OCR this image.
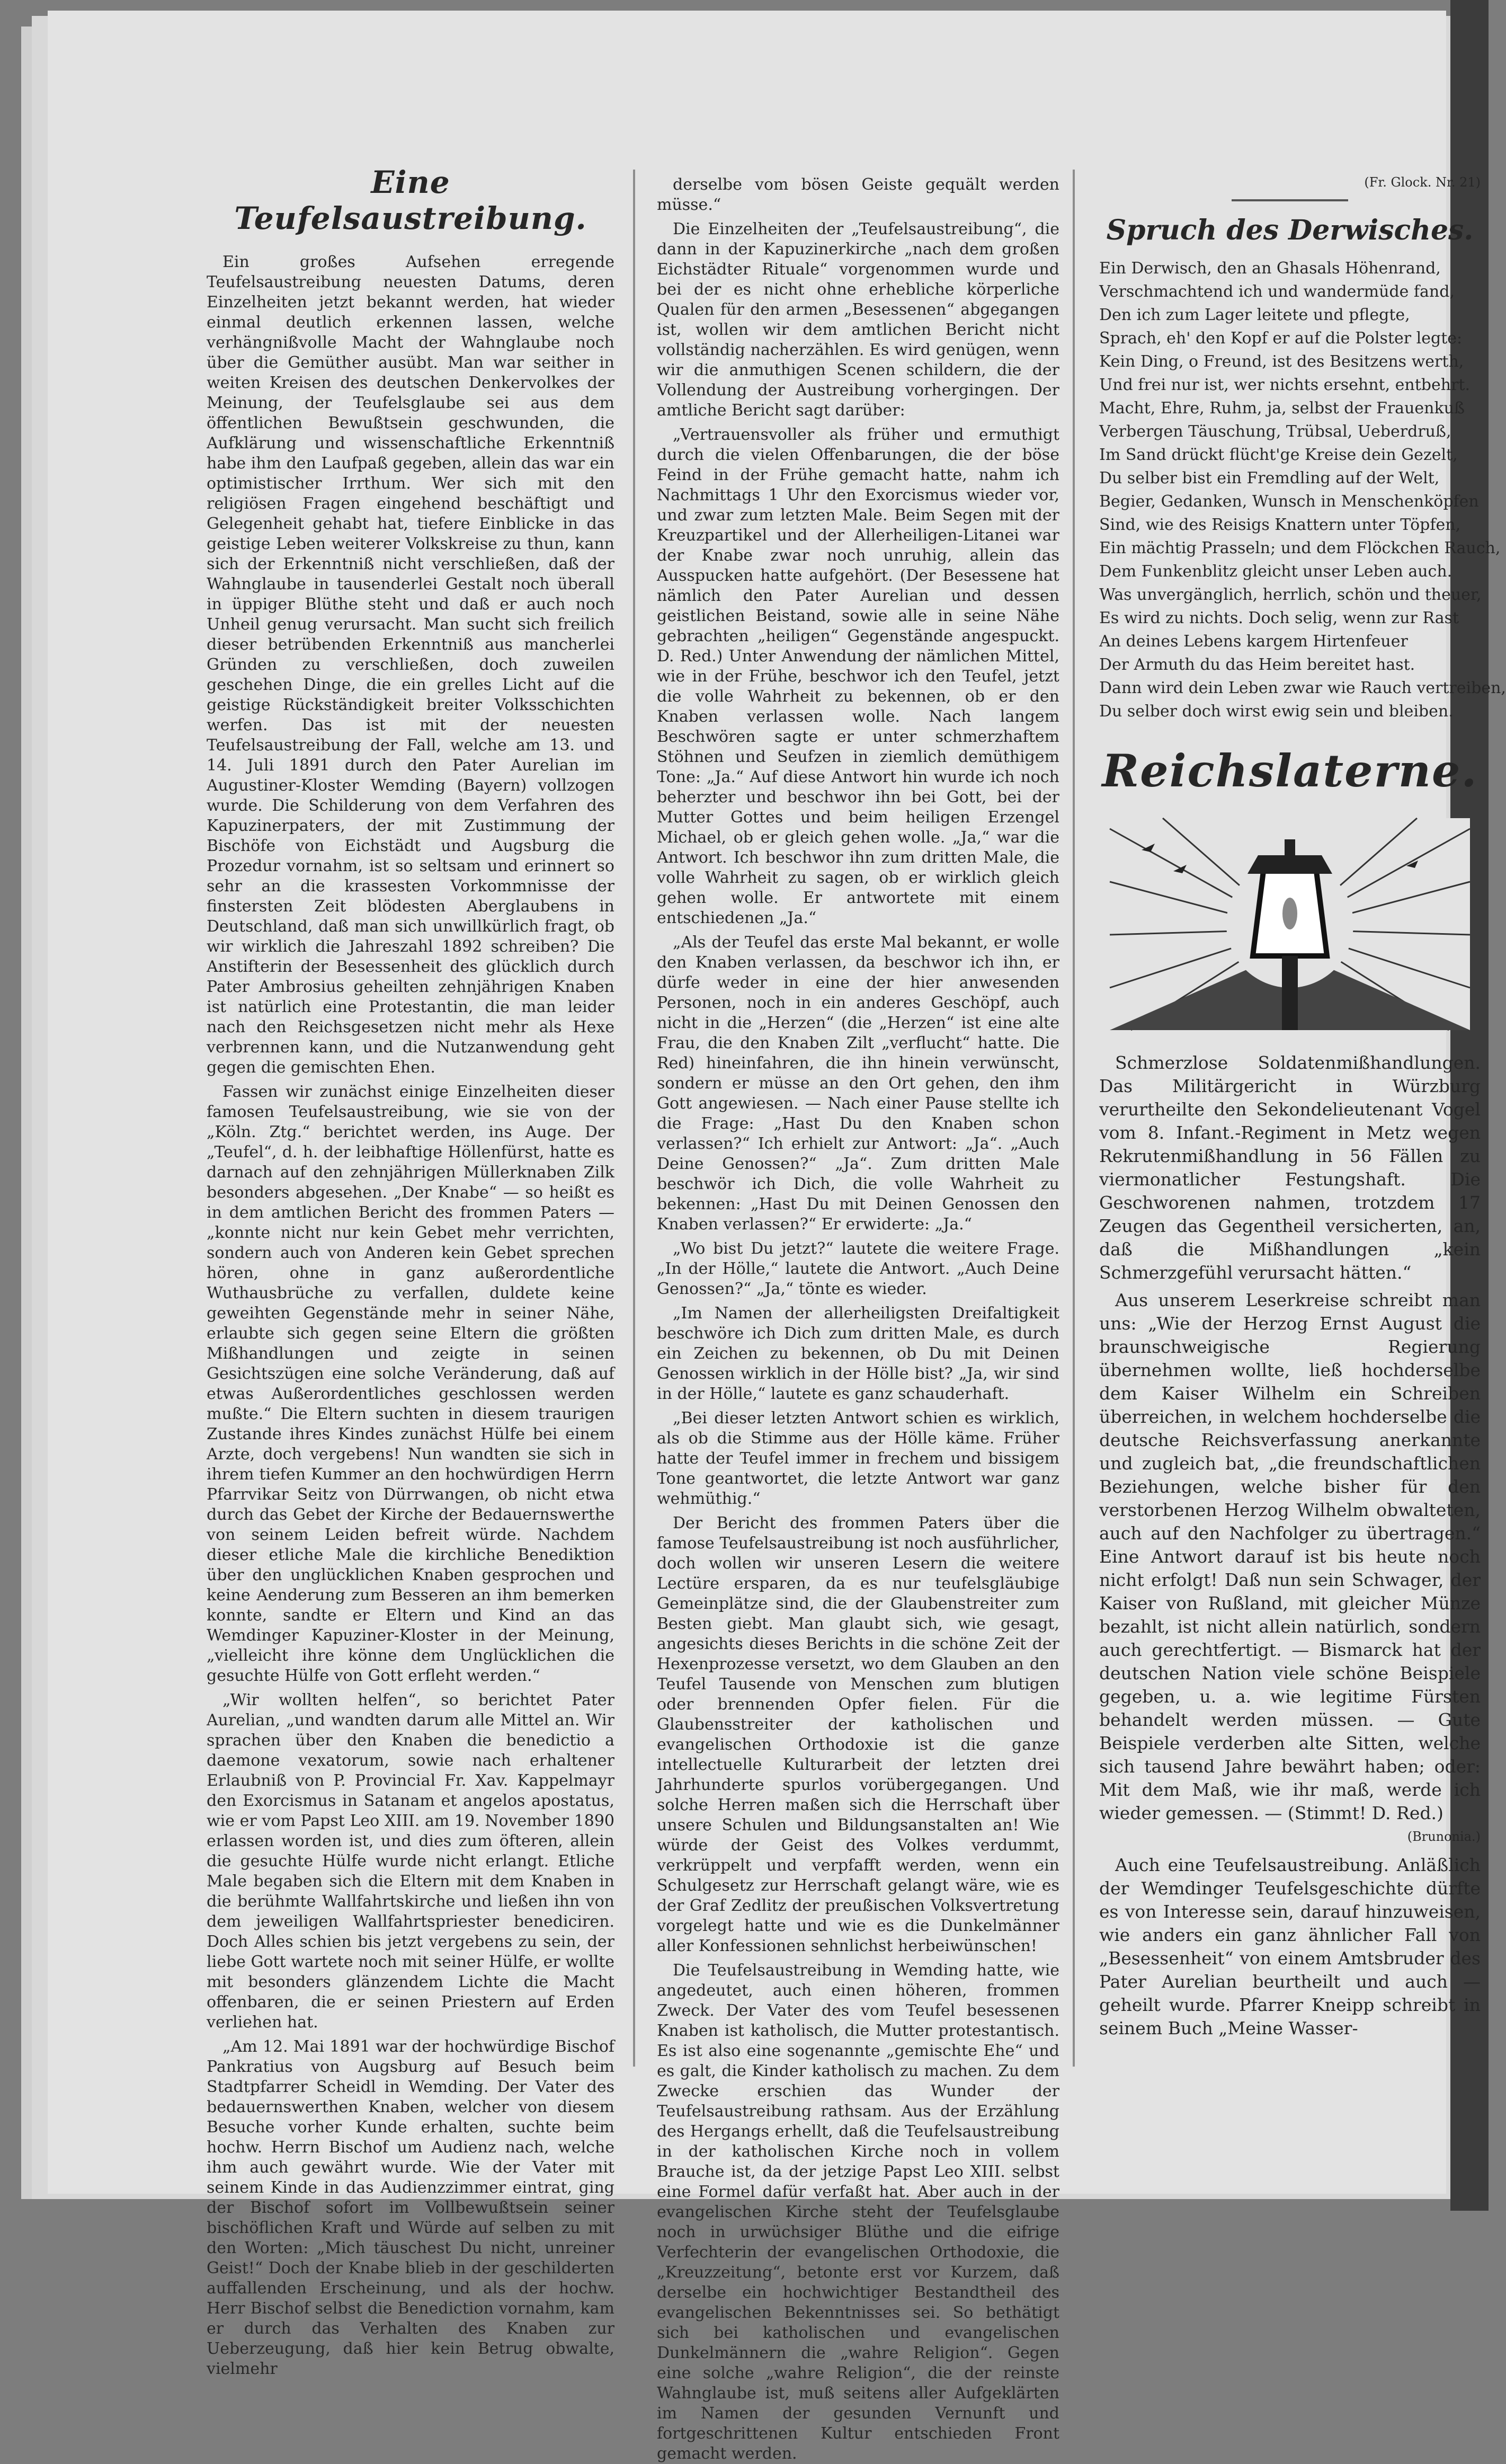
Eine Teufelsaustreibung.

Ein großes Aufsehen erregende Teufelsaustreibung neuesten Datums, deren Einzelheiten jetzt bekannt werden, hat wieder einmal deutlich erkennen lassen, welche verhängnißvolle Macht der Wahnglaube noch über die Gemüther ausübt. Man war seither in weiten Kreisen des deutschen Denkervolkes der Meinung, der Teufelsglaube sei aus dem öffentlichen Bewußtsein geschwunden, die Aufklärung und wissenschaftliche Erkenntniß habe ihm den Laufpaß gegeben, allein das war ein optimistischer Irrthum. Wer sich mit den religiösen Fragen eingehend beschäftigt und Gelegenheit gehabt hat, tiefere Einblicke in das geistige Leben weiterer Volkskreise zu thun, kann sich der Erkenntniß nicht verschließen, daß der Wahnglaube in tausenderlei Gestalt noch überall in üppiger Blüthe steht und daß er auch noch Unheil genug verursacht. Man sucht sich freilich dieser betrübenden Erkenntniß aus mancherlei Gründen zu verschließen, doch zuweilen geschehen Dinge, die ein grelles Licht auf die geistige Rückständigkeit breiter Volksschichten werfen. Das ist mit der neuesten Teufelsaustreibung der Fall, welche am 13. und 14. Juli 1891 durch den Pater Aurelian im Augustiner-Kloster Wemding (Bayern) vollzogen wurde. Die Schilderung von dem Verfahren des Kapuzinerpaters, der mit Zustimmung der Bischöfe von Eichstädt und Augsburg die Prozedur vornahm, ist so seltsam und erinnert so sehr an die krassesten Vorkommnisse der finstersten Zeit blödesten Aberglaubens in Deutschland, daß man sich unwillkürlich fragt, ob wir wirklich die Jahreszahl 1892 schreiben? Die Anstifterin der Besessenheit des glücklich durch Pater Ambrosius geheilten zehnjährigen Knaben ist natürlich eine Protestantin, die man leider nach den Reichsgesetzen nicht mehr als Hexe verbrennen kann, und die Nutzanwendung geht gegen die gemischten Ehen.

Fassen wir zunächst einige Einzelheiten dieser famosen Teufelsaustreibung, wie sie von der „Köln. Ztg.“ berichtet werden, ins Auge. Der „Teufel“, d. h. der leibhaftige Höllenfürst, hatte es darnach auf den zehnjährigen Müllerknaben Zilk besonders abgesehen. „Der Knabe“ — so heißt es in dem amtlichen Bericht des frommen Paters — „konnte nicht nur kein Gebet mehr verrichten, sondern auch von Anderen kein Gebet sprechen hören, ohne in ganz außerordentliche Wuthausbrüche zu verfallen, duldete keine geweihten Gegenstände mehr in seiner Nähe, erlaubte sich gegen seine Eltern die größten Mißhandlungen und zeigte in seinen Gesichtszügen eine solche Veränderung, daß auf etwas Außerordentliches geschlossen werden mußte.“ Die Eltern suchten in diesem traurigen Zustande ihres Kindes zunächst Hülfe bei einem Arzte, doch vergebens! Nun wandten sie sich in ihrem tiefen Kummer an den hochwürdigen Herrn Pfarrvikar Seitz von Dürrwangen, ob nicht etwa durch das Gebet der Kirche der Bedauernswerthe von seinem Leiden befreit würde. Nachdem dieser etliche Male die kirchliche Benediktion über den unglücklichen Knaben gesprochen und keine Aenderung zum Besseren an ihm bemerken konnte, sandte er Eltern und Kind an das Wemdinger Kapuziner-Kloster in der Meinung, „vielleicht ihre könne dem Unglücklichen die gesuchte Hülfe von Gott erfleht werden.“

„Wir wollten helfen“, so berichtet Pater Aurelian, „und wandten darum alle Mittel an. Wir sprachen über den Knaben die benedictio a daemone vexatorum, sowie nach erhaltener Erlaubniß von P. Provincial Fr. Xav. Kappelmayr den Exorcismus in Satanam et angelos apostatus, wie er vom Papst Leo XIII. am 19. November 1890 erlassen worden ist, und dies zum öfteren, allein die gesuchte Hülfe wurde nicht erlangt. Etliche Male begaben sich die Eltern mit dem Knaben in die berühmte Wallfahrtskirche und ließen ihn von dem jeweiligen Wallfahrtspriester benediciren. Doch Alles schien bis jetzt vergebens zu sein, der liebe Gott wartete noch mit seiner Hülfe, er wollte mit besonders glänzendem Lichte die Macht offenbaren, die er seinen Priestern auf Erden verliehen hat.

„Am 12. Mai 1891 war der hochwürdige Bischof Pankratius von Augsburg auf Besuch beim Stadtpfarrer Scheidl in Wemding. Der Vater des bedauernswerthen Knaben, welcher von diesem Besuche vorher Kunde erhalten, suchte beim hochw. Herrn Bischof um Audienz nach, welche ihm auch gewährt wurde. Wie der Vater mit seinem Kinde in das Audienzzimmer eintrat, ging der Bischof sofort im Vollbewußtsein seiner bischöflichen Kraft und Würde auf selben zu mit den Worten: „Mich täuschest Du nicht, unreiner Geist!“ Doch der Knabe blieb in der geschilderten auffallenden Erscheinung, und als der hochw. Herr Bischof selbst die Benediction vornahm, kam er durch das Verhalten des Knaben zur Ueberzeugung, daß hier kein Betrug obwalte, vielmehr

derselbe vom bösen Geiste gequält werden müsse.“

Die Einzelheiten der „Teufelsaustreibung“, die dann in der Kapuzinerkirche „nach dem großen Eichstädter Rituale“ vorgenommen wurde und bei der es nicht ohne erhebliche körperliche Qualen für den armen „Besessenen“ abgegangen ist, wollen wir dem amtlichen Bericht nicht vollständig nacherzählen. Es wird genügen, wenn wir die anmuthigen Scenen schildern, die der Vollendung der Austreibung vorhergingen. Der amtliche Bericht sagt darüber:

„Vertrauensvoller als früher und ermuthigt durch die vielen Offenbarungen, die der böse Feind in der Frühe gemacht hatte, nahm ich Nachmittags 1 Uhr den Exorcismus wieder vor, und zwar zum letzten Male. Beim Segen mit der Kreuzpartikel und der Allerheiligen-Litanei war der Knabe zwar noch unruhig, allein das Ausspucken hatte aufgehört. (Der Besessene hat nämlich den Pater Aurelian und dessen geistlichen Beistand, sowie alle in seine Nähe gebrachten „heiligen“ Gegenstände angespuckt. D. Red.) Unter Anwendung der nämlichen Mittel, wie in der Frühe, beschwor ich den Teufel, jetzt die volle Wahrheit zu bekennen, ob er den Knaben verlassen wolle. Nach langem Beschwören sagte er unter schmerzhaftem Stöhnen und Seufzen in ziemlich demüthigem Tone: „Ja.“ Auf diese Antwort hin wurde ich noch beherzter und beschwor ihn bei Gott, bei der Mutter Gottes und beim heiligen Erzengel Michael, ob er gleich gehen wolle. „Ja,“ war die Antwort. Ich beschwor ihn zum dritten Male, die volle Wahrheit zu sagen, ob er wirklich gleich gehen wolle. Er antwortete mit einem entschiedenen „Ja.“

„Als der Teufel das erste Mal bekannt, er wolle den Knaben verlassen, da beschwor ich ihn, er dürfe weder in eine der hier anwesenden Personen, noch in ein anderes Geschöpf, auch nicht in die „Herzen“ (die „Herzen“ ist eine alte Frau, die den Knaben Zilt „verflucht“ hatte. Die Red) hineinfahren, die ihn hinein verwünscht, sondern er müsse an den Ort gehen, den ihm Gott angewiesen. — Nach einer Pause stellte ich die Frage: „Hast Du den Knaben schon verlassen?“ Ich erhielt zur Antwort: „Ja“. „Auch Deine Genossen?“ „Ja“. Zum dritten Male beschwör ich Dich, die volle Wahrheit zu bekennen: „Hast Du mit Deinen Genossen den Knaben verlassen?“ Er erwiderte: „Ja.“

„Wo bist Du jetzt?“ lautete die weitere Frage. „In der Hölle,“ lautete die Antwort. „Auch Deine Genossen?“ „Ja,“ tönte es wieder.

„Im Namen der allerheiligsten Dreifaltigkeit beschwöre ich Dich zum dritten Male, es durch ein Zeichen zu bekennen, ob Du mit Deinen Genossen wirklich in der Hölle bist? „Ja, wir sind in der Hölle,“ lautete es ganz schauderhaft.

„Bei dieser letzten Antwort schien es wirklich, als ob die Stimme aus der Hölle käme. Früher hatte der Teufel immer in frechem und bissigem Tone geantwortet, die letzte Antwort war ganz wehmüthig.“

Der Bericht des frommen Paters über die famose Teufelsaustreibung ist noch ausführlicher, doch wollen wir unseren Lesern die weitere Lectüre ersparen, da es nur teufelsgläubige Gemeinplätze sind, die der Glaubenstreiter zum Besten giebt. Man glaubt sich, wie gesagt, angesichts dieses Berichts in die schöne Zeit der Hexenprozesse versetzt, wo dem Glauben an den Teufel Tausende von Menschen zum blutigen oder brennenden Opfer fielen. Für die Glaubensstreiter der katholischen und evangelischen Orthodoxie ist die ganze intellectuelle Kulturarbeit der letzten drei Jahrhunderte spurlos vorübergegangen. Und solche Herren maßen sich die Herrschaft über unsere Schulen und Bildungsanstalten an! Wie würde der Geist des Volkes verdummt, verkrüppelt und verpfafft werden, wenn ein Schulgesetz zur Herrschaft gelangt wäre, wie es der Graf Zedlitz der preußischen Volksvertretung vorgelegt hatte und wie es die Dunkelmänner aller Konfessionen sehnlichst herbeiwünschen!

Die Teufelsaustreibung in Wemding hatte, wie angedeutet, auch einen höheren, frommen Zweck. Der Vater des vom Teufel besessenen Knaben ist katholisch, die Mutter protestantisch. Es ist also eine sogenannte „gemischte Ehe“ und es galt, die Kinder katholisch zu machen. Zu dem Zwecke erschien das Wunder der Teufelsaustreibung rathsam. Aus der Erzählung des Hergangs erhellt, daß die Teufelsaustreibung in der katholischen Kirche noch in vollem Brauche ist, da der jetzige Papst Leo XIII. selbst eine Formel dafür verfaßt hat. Aber auch in der evangelischen Kirche steht der Teufelsglaube noch in urwüchsiger Blüthe und die eifrige Verfechterin der evangelischen Orthodoxie, die „Kreuzzeitung“, betonte erst vor Kurzem, daß derselbe ein hochwichtiger Bestandtheil des evangelischen Bekenntnisses sei. So bethätigt sich bei katholischen und evangelischen Dunkelmännern die „wahre Religion“. Gegen eine solche „wahre Religion“, die der reinste Wahnglaube ist, muß seitens aller Aufgeklärten im Namen der gesunden Vernunft und fortgeschrittenen Kultur entschieden Front gemacht werden.

(Fr. Glock. Nr. 21)
Spruch des Derwisches.
Ein Derwisch, den an Ghasals Höhenrand,
Verschmachtend ich und wandermüde fand,
Den ich zum Lager leitete und pflegte,
Sprach, eh' den Kopf er auf die Polster legte:
Kein Ding, o Freund, ist des Besitzens werth,
Und frei nur ist, wer nichts ersehnt, entbehrt.
Macht, Ehre, Ruhm, ja, selbst der Frauenkuß
Verbergen Täuschung, Trübsal, Ueberdruß,
Im Sand drückt flücht'ge Kreise dein Gezelt,
Du selber bist ein Fremdling auf der Welt,
Begier, Gedanken, Wunsch in Menschenköpfen
Sind, wie des Reisigs Knattern unter Töpfen,
Ein mächtig Prasseln; und dem Flöckchen Rauch,
Dem Funkenblitz gleicht unser Leben auch.
Was unvergänglich, herrlich, schön und theuer,
Es wird zu nichts. Doch selig, wenn zur Rast
An deines Lebens kargem Hirtenfeuer
Der Armuth du das Heim bereitet hast.
Dann wird dein Leben zwar wie Rauch vertreiben,
Du selber doch wirst ewig sein und bleiben.
Reichslaterne.

Schmerzlose Soldatenmißhandlungen. Das Militärgericht in Würzburg verurtheilte den Sekondelieutenant Vogel vom 8. Infant.-Regiment in Metz wegen Rekrutenmißhandlung in 56 Fällen zu viermonatlicher Festungshaft. Die Geschworenen nahmen, trotzdem 17 Zeugen das Gegentheil versicherten, an, daß die Mißhandlungen „kein Schmerzgefühl verursacht hätten.“

Aus unserem Leserkreise schreibt man uns: „Wie der Herzog Ernst August die braunschweigische Regierung übernehmen wollte, ließ hochderselbe dem Kaiser Wilhelm ein Schreiben überreichen, in welchem hochderselbe die deutsche Reichsverfassung anerkannte und zugleich bat, „die freundschaftlichen Beziehungen, welche bisher für den verstorbenen Herzog Wilhelm obwalteten, auch auf den Nachfolger zu übertragen.“ Eine Antwort darauf ist bis heute noch nicht erfolgt! Daß nun sein Schwager, der Kaiser von Rußland, mit gleicher Münze bezahlt, ist nicht allein natürlich, sondern auch gerechtfertigt. — Bismarck hat der deutschen Nation viele schöne Beispiele gegeben, u. a. wie legitime Fürsten behandelt werden müssen. — Gute Beispiele verderben alte Sitten, welche sich tausend Jahre bewährt haben; oder: Mit dem Maß, wie ihr maß, werde ich wieder gemessen. — (Stimmt! D. Red.)

(Brunonia.)

Auch eine Teufelsaustreibung. Anläßlich der Wemdinger Teufelsgeschichte dürfte es von Interesse sein, darauf hinzuweisen, wie anders ein ganz ähnlicher Fall von „Besessenheit“ von einem Amtsbruder des Pater Aurelian beurtheilt und auch — geheilt wurde. Pfarrer Kneipp schreibt in seinem Buch „Meine Wasser-
